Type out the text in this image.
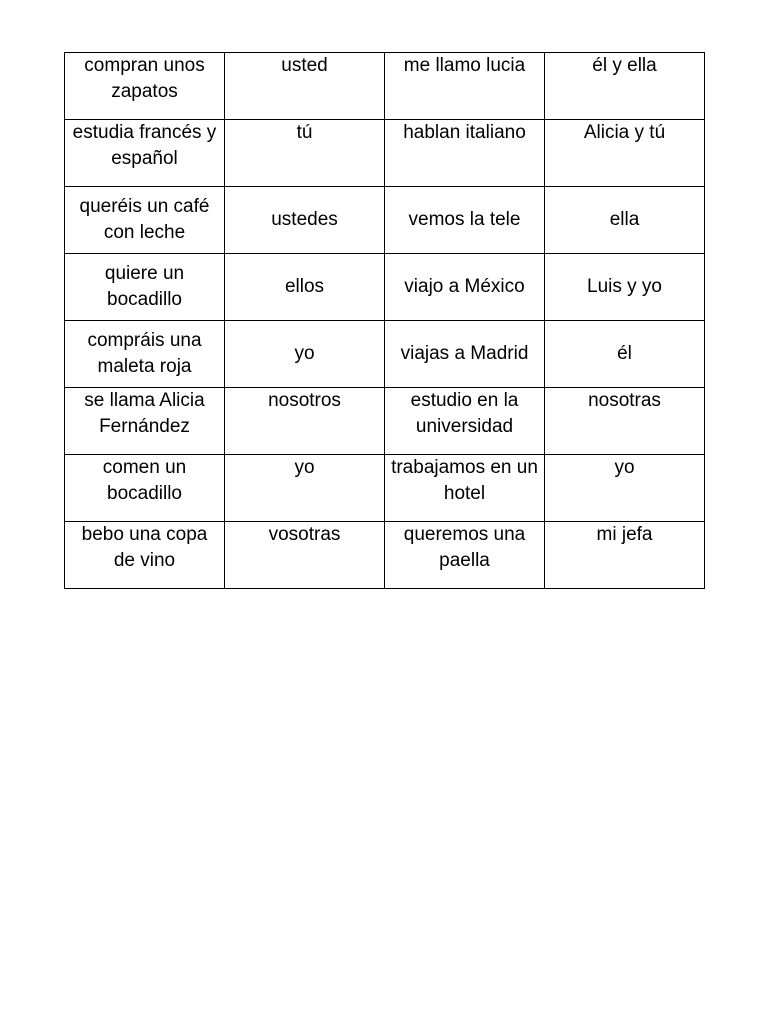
compran unos zapatos	usted	me llamo lucia	él y ella
estudia francés y español	tú	hablan italiano	Alicia y tú
queréis un café con leche	ustedes	vemos la tele	ella
quiere un bocadillo	ellos	viajo a México	Luis y yo
compráis una maleta roja	yo	viajas a Madrid	él
se llama Alicia Fernández	nosotros	estudio en la universidad	nosotras
comen un bocadillo	yo	trabajamos en un hotel	yo
bebo una copa de vino	vosotras	queremos una paella	mi jefa
